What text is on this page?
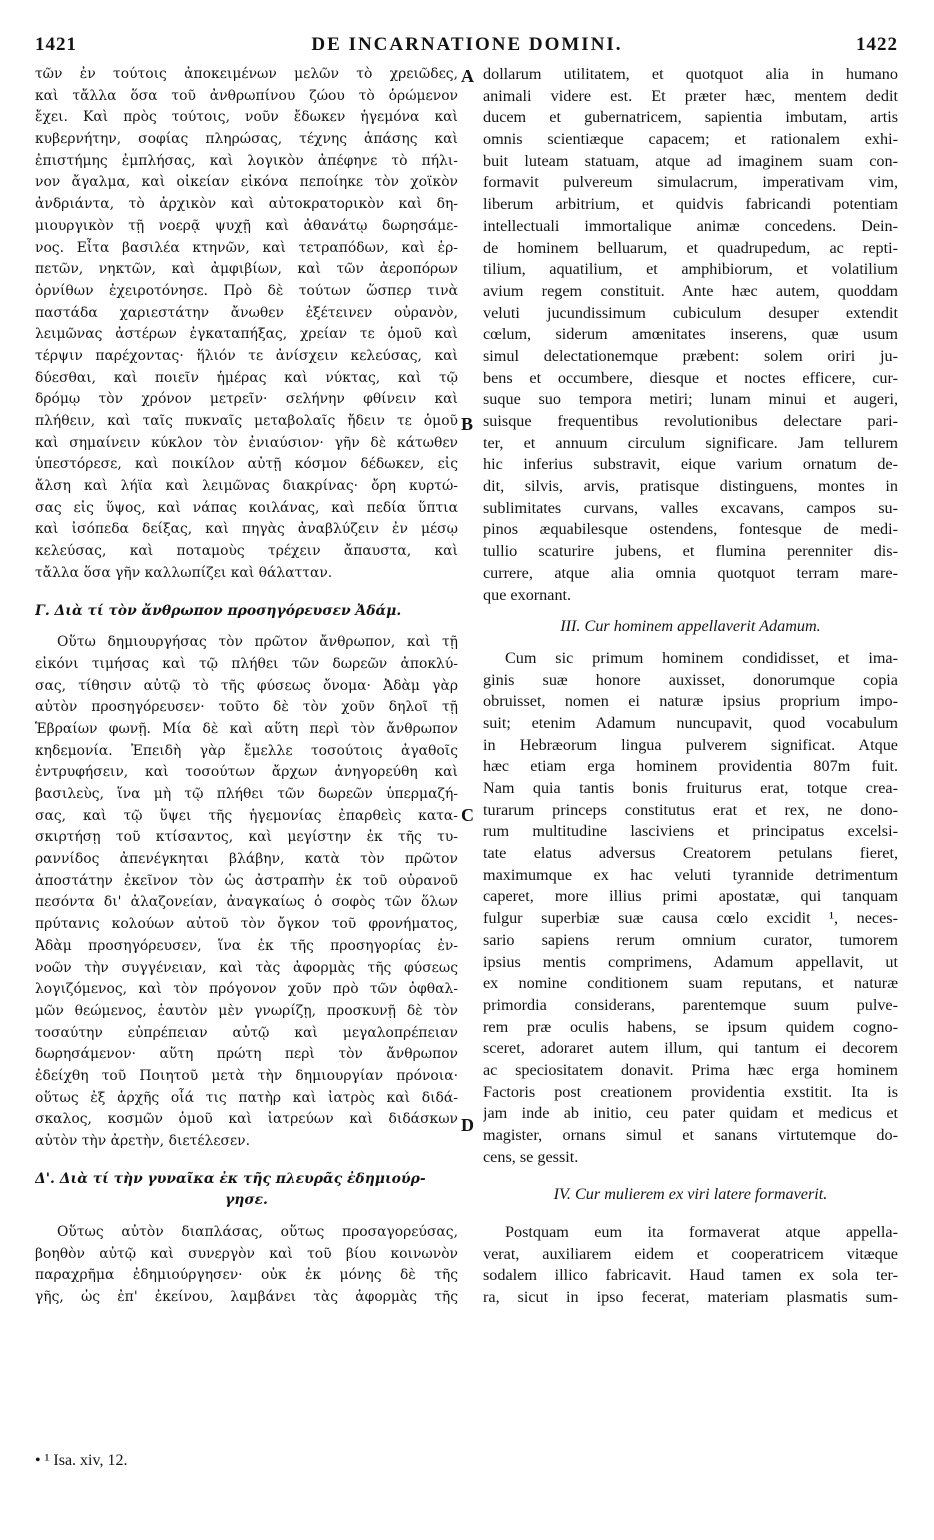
1421	DE INCARNATIONE DOMINI.	1422
τῶν ἐν τούτοις ἀποκειμένων μελῶν τὸ χρειῶδες,
καὶ τἄλλα ὅσα τοῦ ἀνθρωπίνου ζώου τὸ ὁρώμενον
ἔχει. Καὶ πρὸς τούτοις, νοῦν ἔδωκεν ἡγεμόνα καὶ
κυβερνήτην, σοφίας πληρώσας, τέχνης ἁπάσης καὶ
ἐπιστήμης ἐμπλήσας, καὶ λογικὸν ἀπέφηνε τὸ πήλι-
νον ἄγαλμα, καὶ οἰκείαν εἰκόνα πεποίηκε τὸν χοϊκὸν
ἀνδριάντα, τὸ ἀρχικὸν καὶ αὐτοκρατορικὸν καὶ δη-
μιουργικὸν τῇ νοερᾷ ψυχῇ καὶ ἀθανάτῳ δωρησάμε-
νος. Εἶτα βασιλέα κτηνῶν, καὶ τετραπόδων, καὶ ἑρ-
πετῶν, νηκτῶν, καὶ ἀμφιβίων, καὶ τῶν ἀεροπόρων
ὀρνίθων ἐχειροτόνησε. Πρὸ δὲ τούτων ὥσπερ τινὰ
παστάδα χαριεστάτην ἄνωθεν ἐξέτεινεν οὐρανὸν,
λειμῶνας ἀστέρων ἐγκαταπήξας, χρείαν τε ὁμοῦ καὶ
τέρψιν παρέχοντας· ἥλιόν τε ἀνίσχειν κελεύσας, καὶ
δύεσθαι, καὶ ποιεῖν ἡμέρας καὶ νύκτας, καὶ τῷ
δρόμῳ τὸν χρόνον μετρεῖν· σελήνην φθίνειν καὶ
πλήθειν, καὶ ταῖς πυκναῖς μεταβολαῖς ἤδειν τε ὁμοῦ
καὶ σημαίνειν κύκλον τὸν ἐνιαύσιον· γῆν δὲ κάτωθεν
ὑπεστόρεσε, καὶ ποικίλον αὐτῇ κόσμον δέδωκεν, εἰς
ἄλση καὶ λήϊα καὶ λειμῶνας διακρίνας· ὄρη κυρτώ-
σας εἰς ὕψος, καὶ νάπας κοιλάνας, καὶ πεδία ὕπτια
καὶ ἰσόπεδα δείξας, καὶ πηγὰς ἀναβλύζειν ἐν μέσῳ
κελεύσας, καὶ ποταμοὺς τρέχειν ἄπαυστα, καὶ
τἄλλα ὅσα γῆν καλλωπίζει καὶ θάλατταν.
Γ. Διὰ τί τὸν ἄνθρωπον προσηγόρευσεν Ἀδάμ.
Οὕτω δημιουργήσας τὸν πρῶτον ἄνθρωπον, καὶ τῇ
εἰκόνι τιμήσας καὶ τῷ πλήθει τῶν δωρεῶν ἀποκλύ-
σας, τίθησιν αὐτῷ τὸ τῆς φύσεως ὄνομα· Ἀδὰμ γὰρ
αὐτὸν προσηγόρευσεν· τοῦτο δὲ τὸν χοῦν δηλοῖ τῇ
Ἑβραίων φωνῇ. Μία δὲ καὶ αὕτη περὶ τὸν ἄνθρωπον
κηδεμονία. Ἐπειδὴ γὰρ ἔμελλε τοσούτοις ἀγαθοῖς
ἐντρυφήσειν, καὶ τοσούτων ἄρχων ἀνηγορεύθη καὶ
βασιλεὺς, ἵνα μὴ τῷ πλήθει τῶν δωρεῶν ὑπερμαζή-
σας, καὶ τῷ ὕψει τῆς ἡγεμονίας ἐπαρθεὶς κατα-
σκιρτήσῃ τοῦ κτίσαντος, καὶ μεγίστην ἐκ τῆς τυ-
ραννίδος ἀπενέγκηται βλάβην, κατὰ τὸν πρῶτον
ἀποστάτην ἐκεῖνον τὸν ὡς ἀστραπὴν ἐκ τοῦ οὐρανοῦ
πεσόντα δι' ἀλαζονείαν, ἀναγκαίως ὁ σοφὸς τῶν ὅλων
πρύτανις κολούων αὐτοῦ τὸν ὄγκον τοῦ φρονήματος,
Ἀδὰμ προσηγόρευσεν, ἵνα ἐκ τῆς προσηγορίας ἐν-
νοῶν τὴν συγγένειαν, καὶ τὰς ἀφορμὰς τῆς φύσεως
λογιζόμενος, καὶ τὸν πρόγονον χοῦν πρὸ τῶν ὀφθαλ-
μῶν θεώμενος, ἑαυτὸν μὲν γνωρίζῃ, προσκυνῇ δὲ τὸν
τοσαύτην εὐπρέπειαν αὐτῷ καὶ μεγαλοπρέπειαν
δωρησάμενον· αὕτη πρώτη περὶ τὸν ἄνθρωπον
ἐδείχθη τοῦ Ποιητοῦ μετὰ τὴν δημιουργίαν πρόνοια·
οὕτως ἐξ ἀρχῆς οἷά τις πατὴρ καὶ ἰατρὸς καὶ διδά-
σκαλος, κοσμῶν ὁμοῦ καὶ ἰατρεύων καὶ διδάσκων
αὐτὸν τὴν ἀρετὴν, διετέλεσεν.
Δ'. Διὰ τί τὴν γυναῖκα ἐκ τῆς πλευρᾶς ἐδημιούρ-
γησε.
Οὕτως αὐτὸν διαπλάσας, οὕτως προσαγορεύσας,
βοηθὸν αὐτῷ καὶ συνεργὸν καὶ τοῦ βίου κοινωνὸν
παραχρῆμα ἐδημιούργησεν· οὐκ ἐκ μόνης δὲ τῆς
γῆς, ὡς ἐπ' ἐκείνου, λαμβάνει τὰς ἀφορμὰς τῆς
dollarum utilitatem, et quotquot alia in humano
animali videre est. Et præter hæc, mentem dedit
ducem et gubernatricem, sapientia imbutam, artis
omnis scientiæque capacem; et rationalem exhi-
buit luteam statuam, atque ad imaginem suam con-
formavit pulvereum simulacrum, imperativam vim,
liberum arbitrium, et quidvis fabricandi potentiam
intellectuali immortalique animæ concedens. Dein-
de hominem belluarum, et quadrupedum, ac repti-
tilium, aquatilium, et amphibiorum, et volatilium
avium regem constituit. Ante hæc autem, quoddam
veluti jucundissimum cubiculum desuper extendit
cœlum, siderum amœnitates inserens, quæ usum
simul delectationemque præbent: solem oriri ju-
bens et occumbere, diesque et noctes efficere, cur-
suque suo tempora metiri; lunam minui et augeri,
suisque frequentibus revolutionibus delectare pari-
ter, et annuum circulum significare. Jam tellurem
hic inferius substravit, eique varium ornatum de-
dit, silvis, arvis, pratisque distinguens, montes in
sublimitates curvans, valles excavans, campos su-
pinos æquabilesque ostendens, fontesque de medi-
tullio scaturire jubens, et flumina perenniter dis-
currere, atque alia omnia quotquot terram mare-
que exornant.
III. Cur hominem appellaverit Adamum.
Cum sic primum hominem condidisset, et ima-
ginis suæ honore auxisset, donorumque copia
obruisset, nomen ei naturæ ipsius proprium impo-
suit; etenim Adamum nuncupavit, quod vocabulum
in Hebræorum lingua pulverem significat. Atque
hæc etiam erga hominem providentia 807m fuit.
Nam quia tantis bonis fruiturus erat, totque crea-
turarum princeps constitutus erat et rex, ne dono-
rum multitudine lasciviens et principatus excelsi-
tate elatus adversus Creatorem petulans fieret,
maximumque ex hac veluti tyrannide detrimentum
caperet, more illius primi apostatæ, qui tanquam
fulgur superbiæ suæ causa cœlo excidit ¹, neces-
sario sapiens rerum omnium curator, tumorem
ipsius mentis comprimens, Adamum appellavit, ut
ex nomine conditionem suam reputans, et naturæ
primordia considerans, parentemque suum pulve-
rem præ oculis habens, se ipsum quidem cogno-
sceret, adoraret autem illum, qui tantum ei decorem
ac speciositatem donavit. Prima hæc erga hominem
Factoris post creationem providentia exstitit. Ita is
jam inde ab initio, ceu pater quidam et medicus et
magister, ornans simul et sanans virtutemque do-
cens, se gessit.
IV. Cur mulierem ex viri latere formaverit.
Postquam eum ita formaverat atque appella-
verat, auxiliarem eidem et cooperatricem vitæque
sodalem illico fabricavit. Haud tamen ex sola ter-
ra, sicut in ipso fecerat, materiam plasmatis sum-
A
B
C
D
• ¹ Isa. xiv, 12.
